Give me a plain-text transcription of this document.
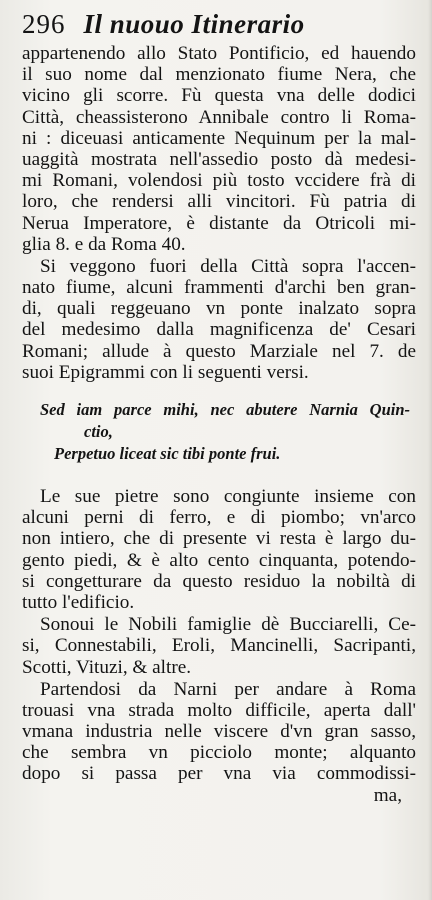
296 Il nuouo Itinerario
appartenendo allo Stato Pontificio, ed hauendo
il suo nome dal menzionato fiume Nera, che
vicino gli scorre. Fù questa vna delle dodici
Città, cheassisterono Annibale contro li Roma-
ni : diceuasi anticamente Nequinum per la mal-
uaggità mostrata nell'assedio posto dà medesi-
mi Romani, volendosi più tosto vccidere frà di
loro, che rendersi alli vincitori. Fù patria di
Nerua Imperatore, è distante da Otricoli mi-
glia 8. e da Roma 40.
Si veggono fuori della Città sopra l'accen-
nato fiume, alcuni frammenti d'archi ben gran-
di, quali reggeuano vn ponte inalzato sopra
del medesimo dalla magnificenza de' Cesari
Romani; allude à questo Marziale nel 7. de
suoi Epigrammi con li seguenti versi.
Sed iam parce mihi, nec abutere Narnia Quin-
ctio,
Perpetuo liceat sic tibi ponte frui.
Le sue pietre sono congiunte insieme con
alcuni perni di ferro, e di piombo; vn'arco
non intiero, che di presente vi resta è largo du-
gento piedi, & è alto cento cinquanta, potendo-
si congetturare da questo residuo la nobiltà di
tutto l'edificio.
Sonoui le Nobili famiglie dè Bucciarelli, Ce-
si, Connestabili, Eroli, Mancinelli, Sacripanti,
Scotti, Vituzi, & altre.
Partendosi da Narni per andare à Roma
trouasi vna strada molto difficile, aperta dall'
vmana industria nelle viscere d'vn gran sasso,
che sembra vn picciolo monte; alquanto
dopo si passa per vna via commodissi-
ma,
